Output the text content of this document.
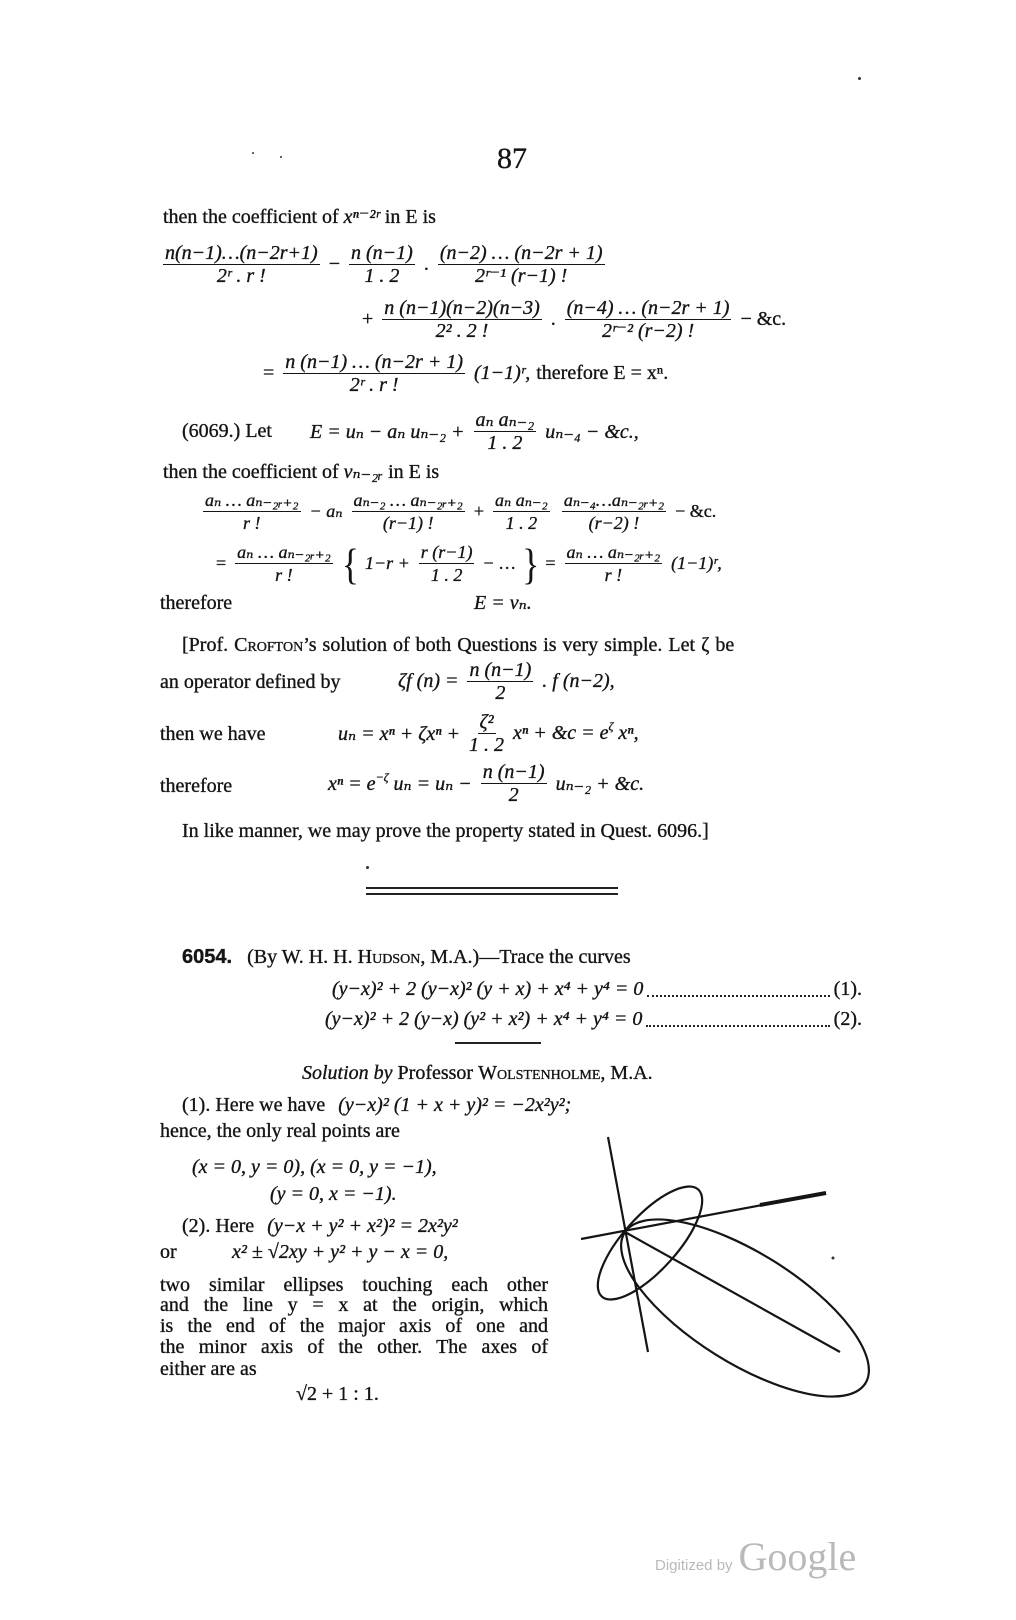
87
then the coefficient of xⁿ⁻²ʳ in E is
$\frac{n(n-1)\dots(n-2r+1)}{\text{2ʳ . r !}} - \frac{n (n-1)}{1 . 2}$ . $\frac{(n-2) \dots (n-2r + 1)}{\text{2ʳ⁻¹ (r−1) !}}$
+ $\frac{n (n-1)(n-2)(n-3)}{\text{2² . 2 !}}$ . $\frac{(n-4) \dots (n-2r + 1)}{\text{2ʳ⁻² (r−2) !}}$ − &c.
= $\frac{n (n-1) \dots (n-2r + 1)}{\text{2ʳ . r !}}$ (1−1)ʳ, therefore E = xⁿ.
(6069.) Let E = uₙ − aₙ $u_{n-2} + \frac{\text{aₙ aₙ₋₂}}{1 . 2} u_{n-4}$ − &c.,
then the coefficient of vₙ₋₂ᵣ in E is
$\frac{\text{aₙ … aₙ₋₂ᵣ₊₂}}{r !} - a_n \frac{\text{aₙ₋₂ … aₙ₋₂ᵣ₊₂}}{(r-1) !} + \frac{\text{aₙ aₙ₋₂}}{1 . 2} \frac{\text{aₙ₋₄…aₙ₋₂ᵣ₊₂}}{(r-2) !}$ − &c.
= $\frac{\text{aₙ … aₙ₋₂ᵣ₊₂}}{r !}$ { $1-r + \frac{r (r-1)}{1 . 2}$ − … } = $\frac{\text{aₙ … aₙ₋₂ᵣ₊₂}}{r !}$ (1−1)ʳ,
therefore	E = vₙ.
[Prof. Crofton’s solution of both Questions is very simple. Let ζ be
an operator defined by	ζf $(n) = \frac{n (n-1)}{2}$ . f (n−2),
then we have	$u_n = x^n + \zeta x^n + \frac{\text{ζ²}}{1 . 2}$ xⁿ + &c = $e^\zeta$ xⁿ,
therefore	$x^n = e^{-\zeta}$ $u_n = u_n - \frac{n (n-1)}{2} u_{n-2}$ + &c.
In like manner, we may prove the property stated in Quest. 6096.]
6054. (By W. H. H. Hudson, M.A.)—Trace the curves
(y−x)² + 2 (y−x)² (y + x) + x⁴ + y⁴ = 0	(1).
(y−x)² + 2 (y−x) (y² + x²) + x⁴ + y⁴ = 0	(2).
Solution by Professor Wolstenholme, M.A.
(1). Here we have (y−x)² (1 + x + y)² = −2x²y²;
hence, the only real points are
(x = 0, y = 0), (x = 0, y = −1),
(y = 0, x = −1).
(2). Here (y−x + y² + x²)² = 2x²y²
or	x² ± √2xy + y² + y − x = 0,
two similar ellipses touching each other
and the line y = x at the origin, which
is the end of the major axis of one and
the minor axis of the other. The axes of
either are as
√2 + 1 : 1.
Digitized by Google
